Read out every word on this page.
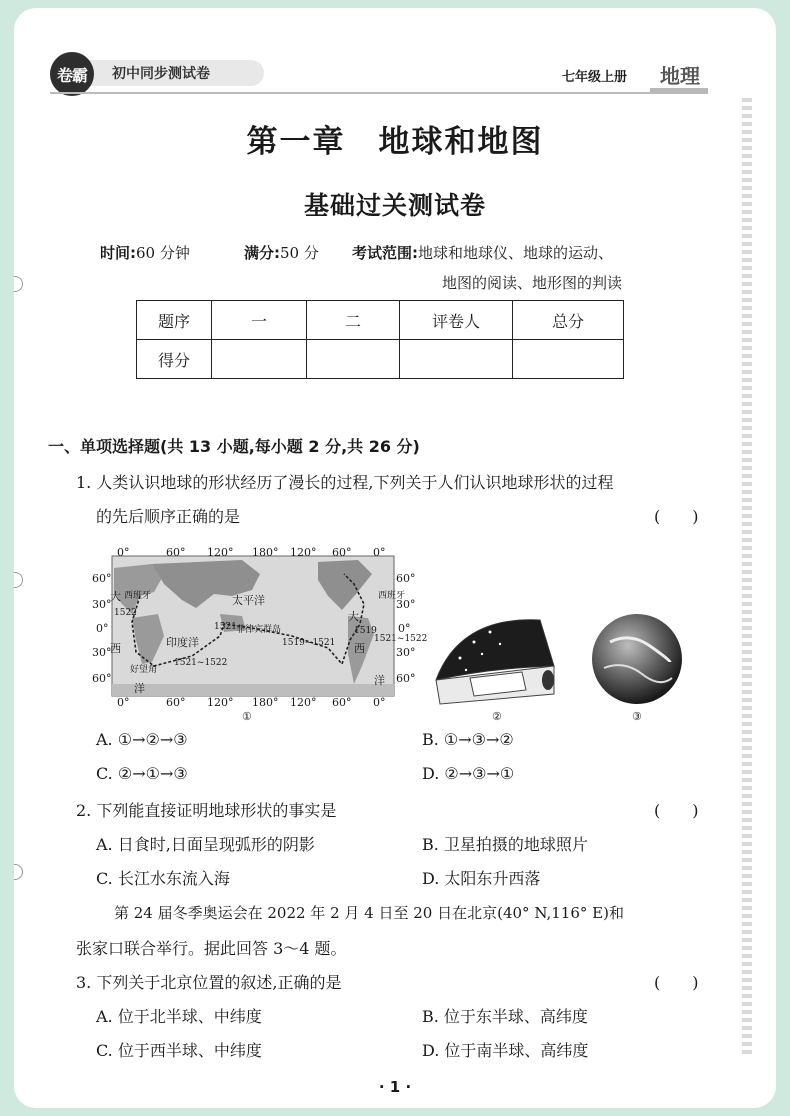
初中同步测试卷
卷霸	七年级上册 地理
第一章　地球和地图
基础过关测试卷
时间:60 分钟	满分:50 分 考试范围:地球和地球仪、地球的运动、
地图的阅读、地形图的判读
题序	一	二	评卷人	总分
得分				
一、单项选择题(共 13 小题,每小题 2 分,共 26 分)
1. 人类认识地球的形状经历了漫长的过程,下列关于人们认识地球形状的过程
的先后顺序正确的是	(　　)
0°	60° 120° 180° 120° 60° 0°
0°	60° 120° 180° 120° 60° 0°
60°
30°
0°
30°
60°
60°
30°
0°
30°
60°
太平洋
大 西班牙
1522
西	印度洋
1521 菲律宾群岛
1519~1521
大
1519
西班牙
1521~1522
好望角
洋
西
1521~1522
洋
①	②	③
A. ①→②→③	B. ①→③→②
C. ②→①→③	D. ②→③→①
2. 下列能直接证明地球形状的事实是	(　　)
A. 日食时,日面呈现弧形的阴影	B. 卫星拍摄的地球照片
C. 长江水东流入海	D. 太阳东升西落
第 24 届冬季奥运会在 2022 年 2 月 4 日至 20 日在北京(40° N,116° E)和
张家口联合举行。据此回答 3～4 题。
3. 下列关于北京位置的叙述,正确的是	(　　)
A. 位于北半球、中纬度	B. 位于东半球、高纬度
C. 位于西半球、中纬度	D. 位于南半球、高纬度
· 1 ·
